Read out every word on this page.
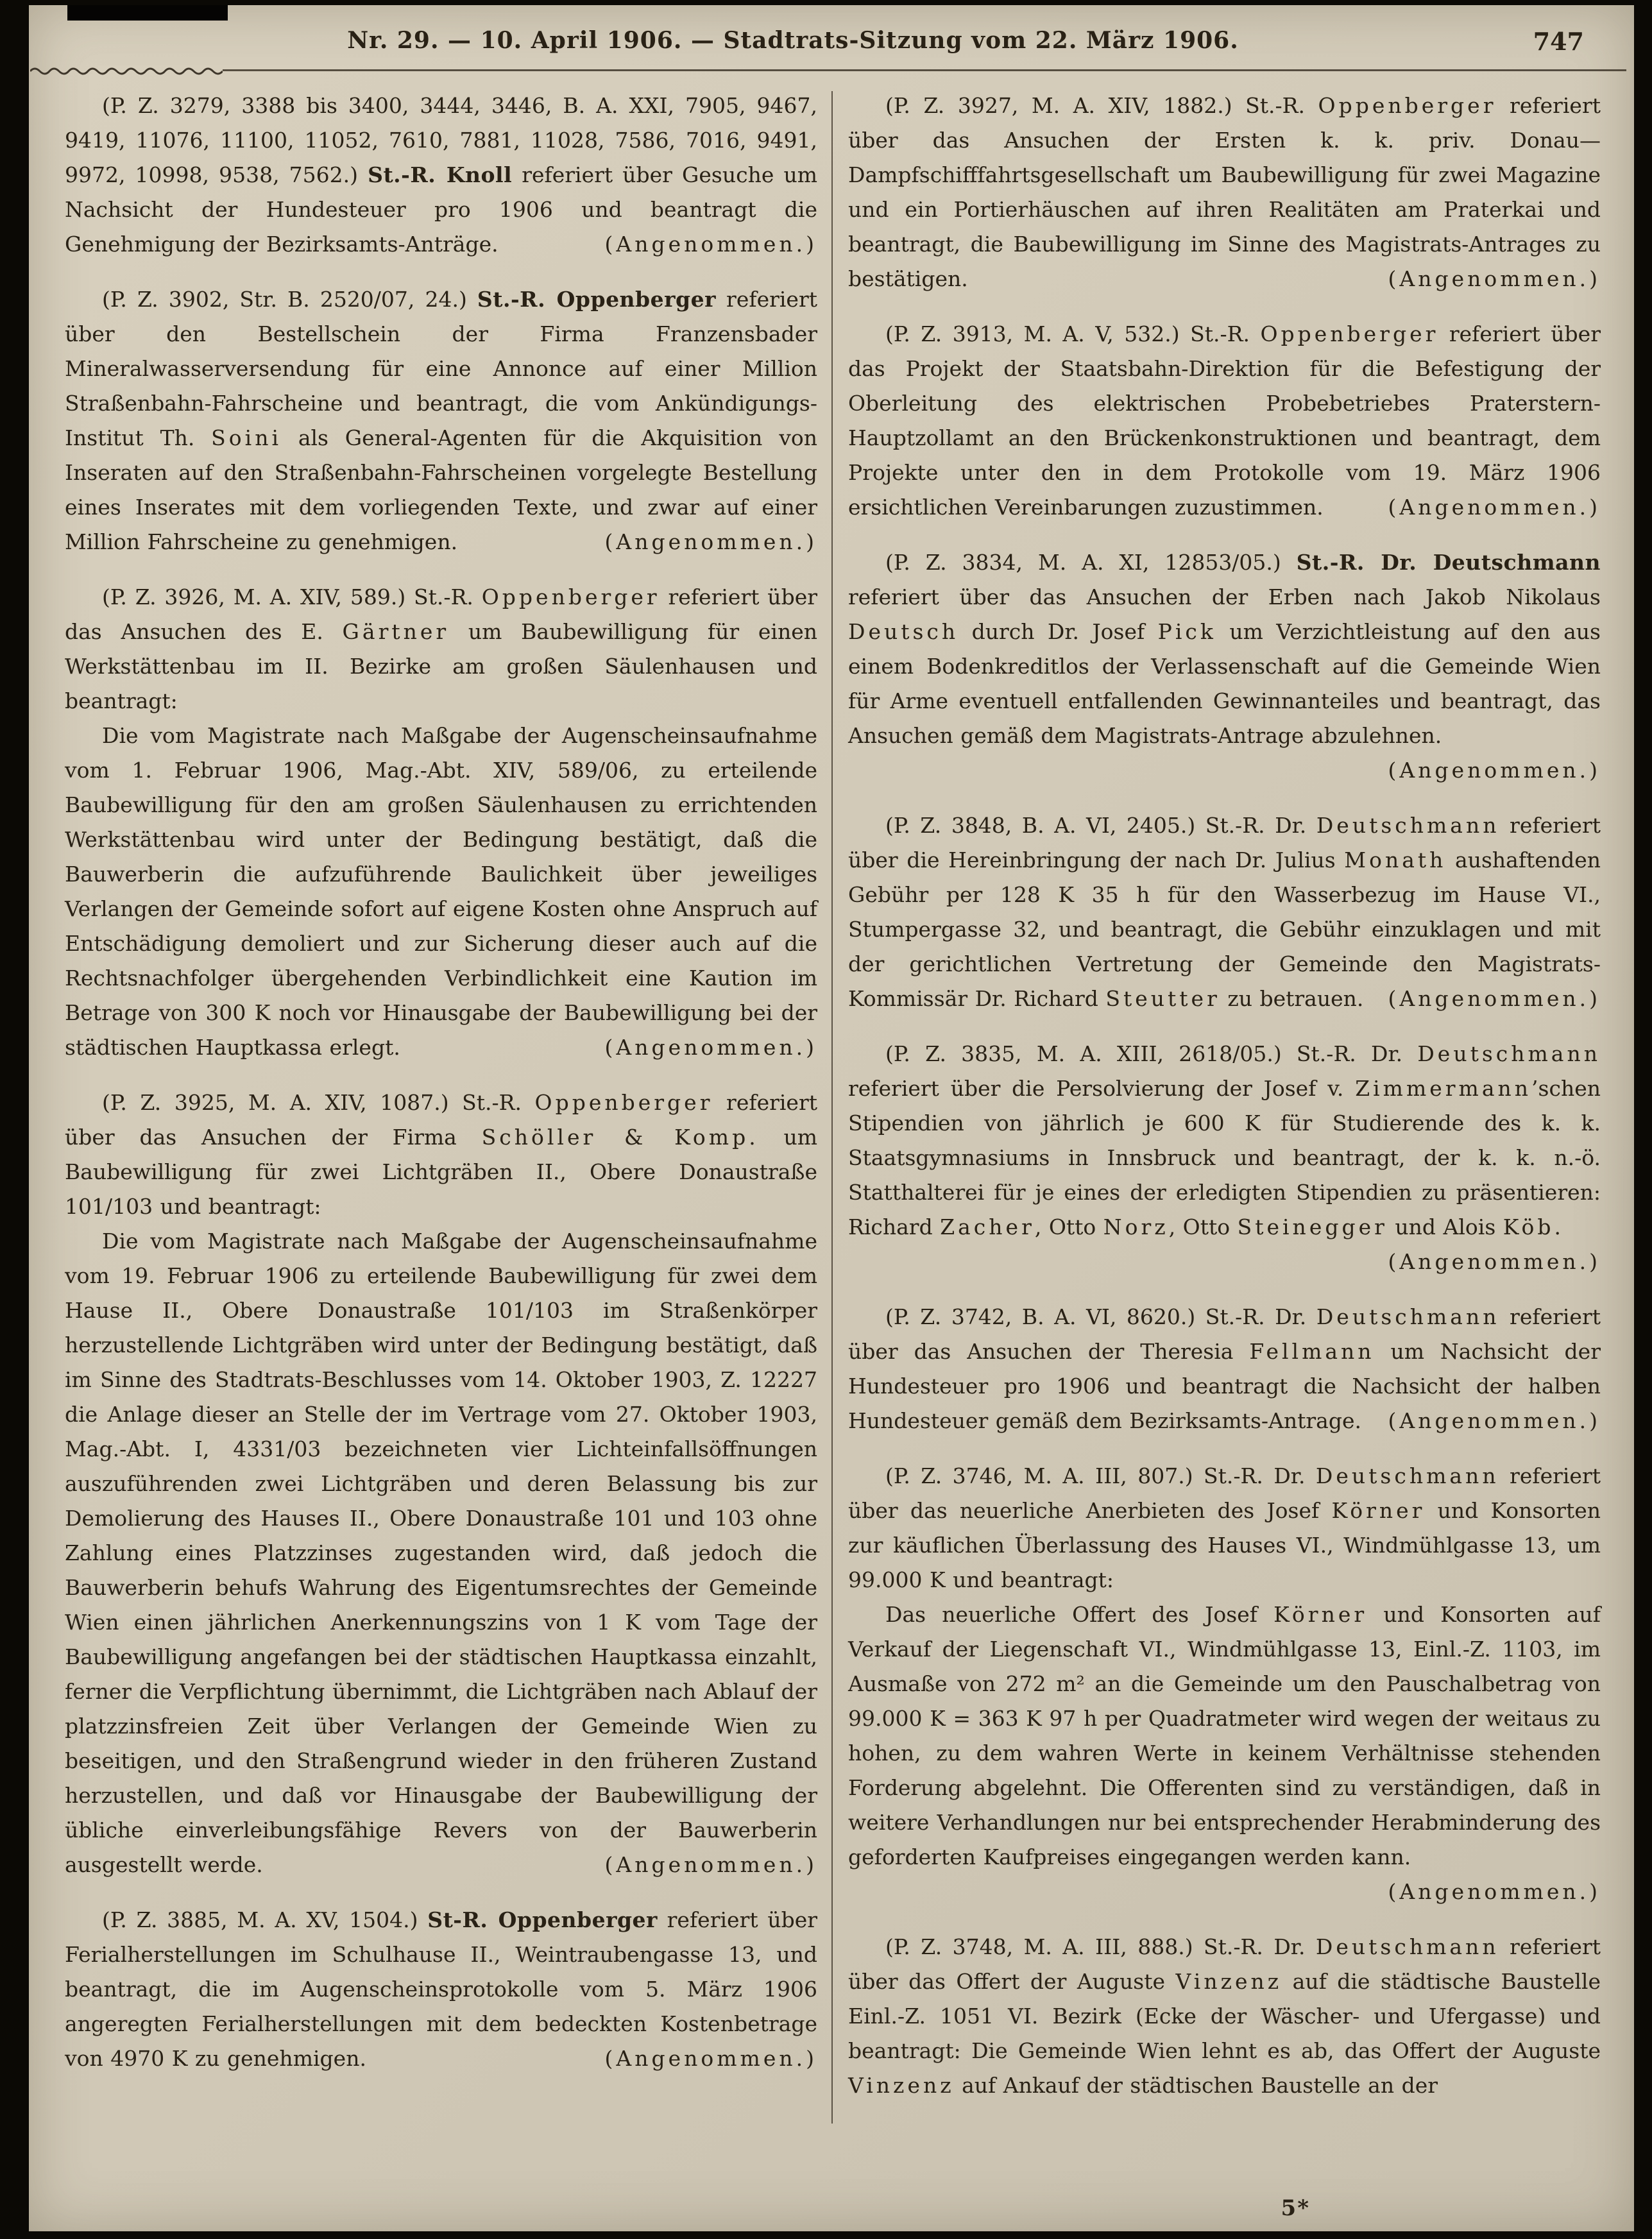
Nr. 29. — 10. April 1906. — Stadtrats-Sitzung vom 22. März 1906.	747
(P. Z. 3279, 3388 bis 3400, 3444, 3446, B. A. XXI, 7905, 9467, 9419, 11076, 11100, 11052, 7610, 7881, 11028, 7586, 7016, 9491, 9972, 10998, 9538, 7562.) St.-R. Knoll referiert über Gesuche um Nachsicht der Hundesteuer pro 1906 und beantragt die Genehmigung der Bezirksamts-Anträge.	(Angenommen.)
(P. Z. 3902, Str. B. 2520/07, 24.) St.-R. Oppenberger referiert über den Bestellschein der Firma Franzensbader Mineralwasserversendung für eine Annonce auf einer Million Straßenbahn-Fahrscheine und beantragt, die vom Ankündigungs-Institut Th. Soini als General-Agenten für die Akquisition von Inseraten auf den Straßenbahn-Fahrscheinen vorgelegte Bestellung eines Inserates mit dem vorliegenden Texte, und zwar auf einer Million Fahrscheine zu genehmigen.	(Angenommen.)
(P. Z. 3926, M. A. XIV, 589.) St.-R. Oppenberger referiert über das Ansuchen des E. Gärtner um Baubewilligung für einen Werkstättenbau im II. Bezirke am großen Säulenhausen und beantragt:
Die vom Magistrate nach Maßgabe der Augenscheinsaufnahme vom 1. Februar 1906, Mag.-Abt. XIV, 589/06, zu erteilende Baubewilligung für den am großen Säulenhausen zu errichtenden Werkstättenbau wird unter der Bedingung bestätigt, daß die Bauwerberin die aufzuführende Baulichkeit über jeweiliges Verlangen der Gemeinde sofort auf eigene Kosten ohne Anspruch auf Entschädigung demoliert und zur Sicherung dieser auch auf die Rechtsnachfolger übergehenden Verbindlichkeit eine Kaution im Betrage von 300 K noch vor Hinausgabe der Baubewilligung bei der städtischen Hauptkassa erlegt.	(Angenommen.)
(P. Z. 3925, M. A. XIV, 1087.) St.-R. Oppenberger referiert über das Ansuchen der Firma Schöller & Komp. um Baubewilligung für zwei Lichtgräben II., Obere Donaustraße 101/103 und beantragt:
Die vom Magistrate nach Maßgabe der Augenscheinsaufnahme vom 19. Februar 1906 zu erteilende Baubewilligung für zwei dem Hause II., Obere Donaustraße 101/103 im Straßenkörper herzustellende Lichtgräben wird unter der Bedingung bestätigt, daß im Sinne des Stadtrats-Beschlusses vom 14. Oktober 1903, Z. 12227 die Anlage dieser an Stelle der im Vertrage vom 27. Oktober 1903, Mag.-Abt. I, 4331/03 bezeichneten vier Lichteinfallsöffnungen auszuführenden zwei Lichtgräben und deren Belassung bis zur Demolierung des Hauses II., Obere Donaustraße 101 und 103 ohne Zahlung eines Platzzinses zugestanden wird, daß jedoch die Bauwerberin behufs Wahrung des Eigentumsrechtes der Gemeinde Wien einen jährlichen Anerkennungszins von 1 K vom Tage der Baubewilligung angefangen bei der städtischen Hauptkassa einzahlt, ferner die Verpflichtung übernimmt, die Lichtgräben nach Ablauf der platzzinsfreien Zeit über Verlangen der Gemeinde Wien zu beseitigen, und den Straßengrund wieder in den früheren Zustand herzustellen, und daß vor Hinausgabe der Baubewilligung der übliche einverleibungsfähige Revers von der Bauwerberin ausgestellt werde.	(Angenommen.)
(P. Z. 3885, M. A. XV, 1504.) St-R. Oppenberger referiert über Ferialherstellungen im Schulhause II., Weintraubengasse 13, und beantragt, die im Augenscheinsprotokolle vom 5. März 1906 angeregten Ferialherstellungen mit dem bedeckten Kostenbetrage von 4970 K zu genehmigen.	(Angenommen.)
(P. Z. 3927, M. A. XIV, 1882.) St.-R. Oppenberger referiert über das Ansuchen der Ersten k. k. priv. Donau—Dampfschifffahrtsgesellschaft um Baubewilligung für zwei Magazine und ein Portierhäuschen auf ihren Realitäten am Praterkai und beantragt, die Baubewilligung im Sinne des Magistrats-Antrages zu bestätigen.	(Angenommen.)
(P. Z. 3913, M. A. V, 532.) St.-R. Oppenberger referiert über das Projekt der Staatsbahn-Direktion für die Befestigung der Oberleitung des elektrischen Probebetriebes Praterstern-Hauptzollamt an den Brückenkonstruktionen und beantragt, dem Projekte unter den in dem Protokolle vom 19. März 1906 ersichtlichen Vereinbarungen zuzustimmen.	(Angenommen.)
(P. Z. 3834, M. A. XI, 12853/05.) St.-R. Dr. Deutschmann referiert über das Ansuchen der Erben nach Jakob Nikolaus Deutsch durch Dr. Josef Pick um Verzichtleistung auf den aus einem Bodenkreditlos der Verlassenschaft auf die Gemeinde Wien für Arme eventuell entfallenden Gewinnanteiles und beantragt, das Ansuchen gemäß dem Magistrats-Antrage abzulehnen.
(Angenommen.)
(P. Z. 3848, B. A. VI, 2405.) St.-R. Dr. Deutschmann referiert über die Hereinbringung der nach Dr. Julius Monath aushaftenden Gebühr per 128 K 35 h für den Wasserbezug im Hause VI., Stumpergasse 32, und beantragt, die Gebühr einzuklagen und mit der gerichtlichen Vertretung der Gemeinde den Magistrats-Kommissär Dr. Richard Steutter zu betrauen. (Angenommen.)
(P. Z. 3835, M. A. XIII, 2618/05.) St.-R. Dr. Deutschmann referiert über die Persolvierung der Josef v. Zimmermann’schen Stipendien von jährlich je 600 K für Studierende des k. k. Staatsgymnasiums in Innsbruck und beantragt, der k. k. n.-ö. Statthalterei für je eines der erledigten Stipendien zu präsentieren: Richard Zacher, Otto Norz, Otto Steinegger und Alois Köb.
(Angenommen.)
(P. Z. 3742, B. A. VI, 8620.) St.-R. Dr. Deutschmann referiert über das Ansuchen der Theresia Fellmann um Nachsicht der Hundesteuer pro 1906 und beantragt die Nachsicht der halben Hundesteuer gemäß dem Bezirksamts-Antrage. (Angenommen.)
(P. Z. 3746, M. A. III, 807.) St.-R. Dr. Deutschmann referiert über das neuerliche Anerbieten des Josef Körner und Konsorten zur käuflichen Überlassung des Hauses VI., Windmühlgasse 13, um 99.000 K und beantragt:
Das neuerliche Offert des Josef Körner und Konsorten auf Verkauf der Liegenschaft VI., Windmühlgasse 13, Einl.-Z. 1103, im Ausmaße von 272 m² an die Gemeinde um den Pauschalbetrag von 99.000 K = 363 K 97 h per Quadratmeter wird wegen der weitaus zu hohen, zu dem wahren Werte in keinem Verhältnisse stehenden Forderung abgelehnt. Die Offerenten sind zu verständigen, daß in weitere Verhandlungen nur bei entsprechender Herabminderung des geforderten Kaufpreises eingegangen werden kann.
(Angenommen.)
(P. Z. 3748, M. A. III, 888.) St.-R. Dr. Deutschmann referiert über das Offert der Auguste Vinzenz auf die städtische Baustelle Einl.-Z. 1051 VI. Bezirk (Ecke der Wäscher- und Ufergasse) und beantragt: Die Gemeinde Wien lehnt es ab, das Offert der Auguste Vinzenz auf Ankauf der städtischen Baustelle an der
5*
